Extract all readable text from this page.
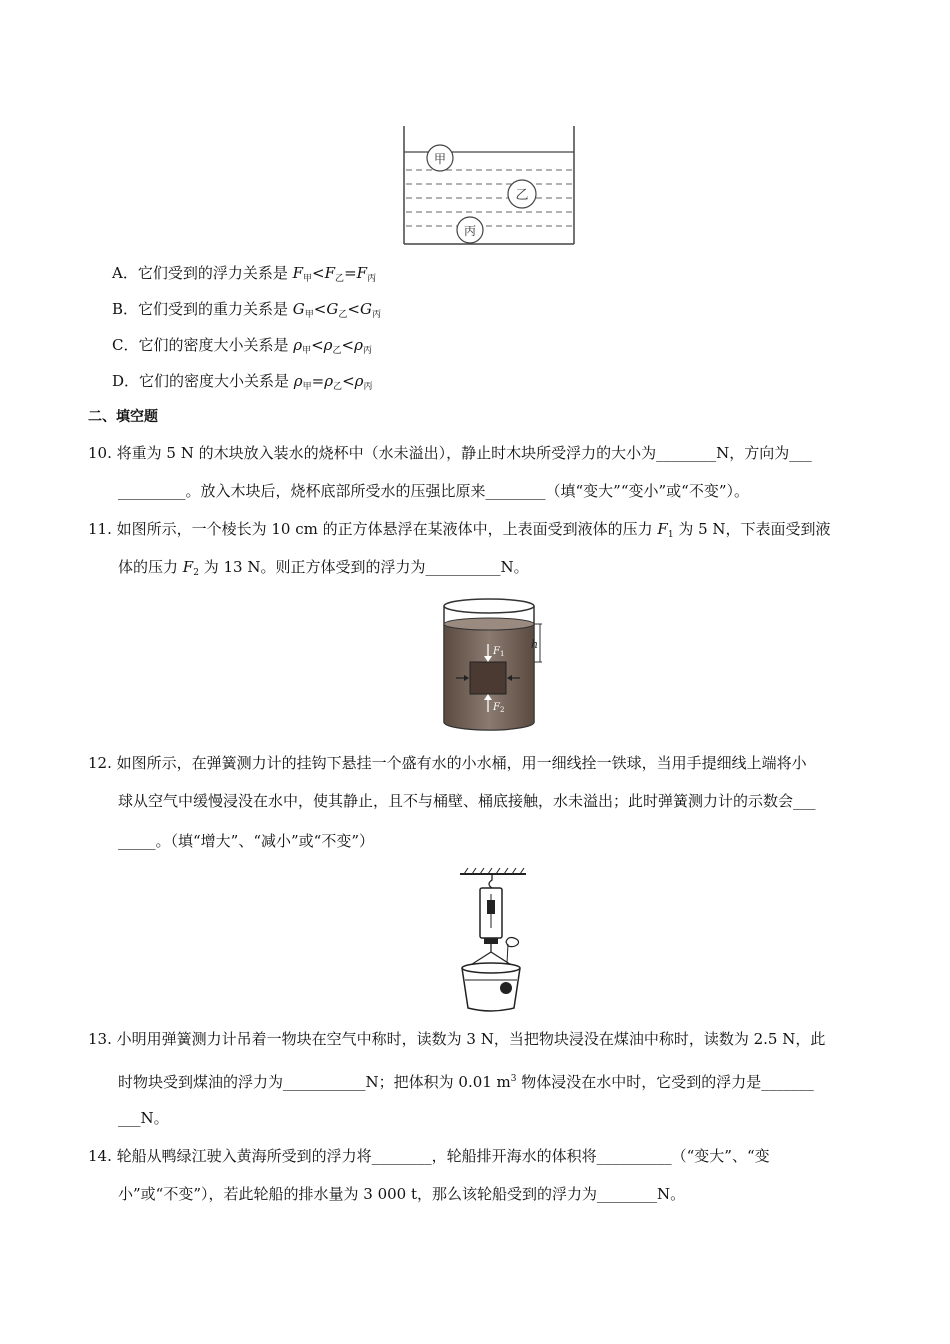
甲
乙
丙
A．它们受到的浮力关系是 $F_甲<F_乙=F_丙$
B．它们受到的重力关系是 $G_甲<G_乙<G_丙$
C．它们的密度大小关系是 $\rho_甲<\rho_乙<\rho_丙$
D．它们的密度大小关系是 $\rho_甲=\rho_乙<\rho_丙$
二、填空题
10. 将重为 5 N 的木块放入装水的烧杯中（水未溢出），静止时木块所受浮力的大小为________N，方向为___
_________。放入木块后，烧杯底部所受水的压强比原来________（填“变大”“变小”或“不变”）。
11. 如图所示，一个棱长为 10 cm 的正方体悬浮在某液体中，上表面受到液体的压力 $F_1$ 为 5 N，下表面受到液
体的压力 $F_2$ 为 13 N。则正方体受到的浮力为__________N。
h
$F_1$
$F_2$
12. 如图所示，在弹簧测力计的挂钩下悬挂一个盛有水的小水桶，用一细线拴一铁球，当用手提细线上端将小
球从空气中缓慢浸没在水中，使其静止，且不与桶壁、桶底接触，水未溢出；此时弹簧测力计的示数会___
_____。（填“增大”、“减小”或“不变”）
13. 小明用弹簧测力计吊着一物块在空气中称时，读数为 3 N，当把物块浸没在煤油中称时，读数为 2.5 N，此
时物块受到煤油的浮力为___________N；把体积为 0.01 $m^3$ 物体浸没在水中时，它受到的浮力是_______
___N。
14. 轮船从鸭绿江驶入黄海所受到的浮力将________，轮船排开海水的体积将__________（“变大”、“变
小”或“不变”），若此轮船的排水量为 3 000 t，那么该轮船受到的浮力为________N。
